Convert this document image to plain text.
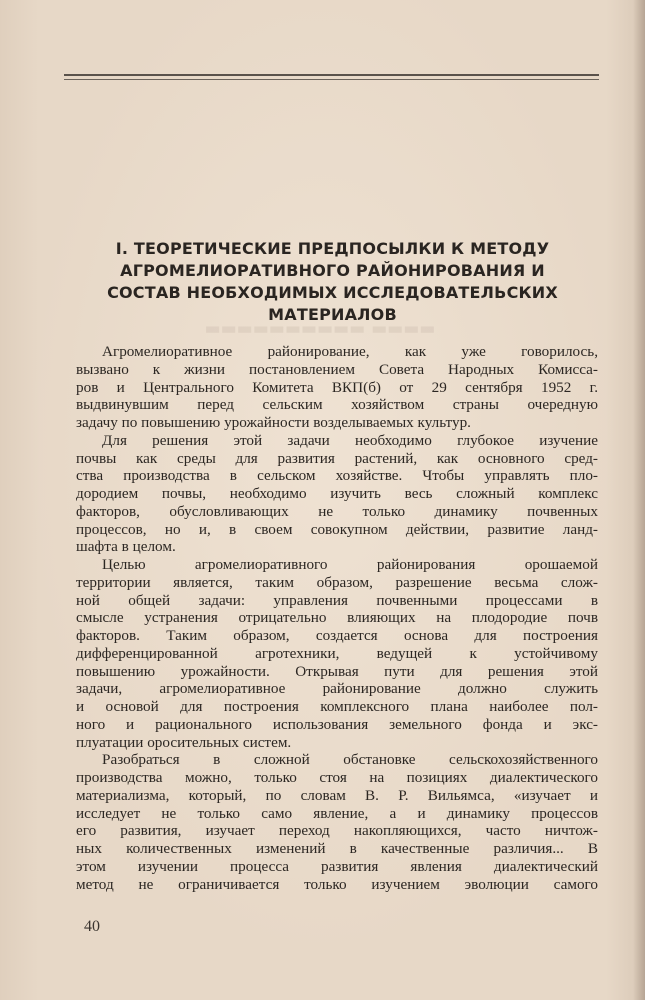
▬▬▬▬ ▬▬▬▬▬▬▬▬▬▬
I. ТЕОРЕТИЧЕСКИЕ ПРЕДПОСЫЛКИ К МЕТОДУ
АГРОМЕЛИОРАТИВНОГО РАЙОНИРОВАНИЯ И
СОСТАВ НЕОБХОДИМЫХ ИССЛЕДОВАТЕЛЬСКИХ
МАТЕРИАЛОВ
Агромелиоративное районирование, как уже говорилось,
вызвано к жизни постановлением Совета Народных Комисса-
ров и Центрального Комитета ВКП(б) от 29 сентября 1952 г.
выдвинувшим перед сельским хозяйством страны очередную
задачу по повышению урожайности возделываемых культур.
Для решения этой задачи необходимо глубокое изучение
почвы как среды для развития растений, как основного сред-
ства производства в сельском хозяйстве. Чтобы управлять пло-
дородием почвы, необходимо изучить весь сложный комплекс
факторов, обусловливающих не только динамику почвенных
процессов, но и, в своем совокупном действии, развитие ланд-
шафта в целом.
Целью агромелиоративного районирования орошаемой
территории является, таким образом, разрешение весьма слож-
ной общей задачи: управления почвенными процессами в
смысле устранения отрицательно влияющих на плодородие почв
факторов. Таким образом, создается основа для построения
дифференцированной агротехники, ведущей к устойчивому
повышению урожайности. Открывая пути для решения этой
задачи, агромелиоративное районирование должно служить
и основой для построения комплексного плана наиболее пол-
ного и рационального использования земельного фонда и экс-
плуатации оросительных систем.
Разобраться в сложной обстановке сельскохозяйственного
производства можно, только стоя на позициях диалектического
материализма, который, по словам В. Р. Вильямса, «изучает и
исследует не только само явление, а и динамику процессов
его развития, изучает переход накопляющихся, часто ничтож-
ных количественных изменений в качественные различия... В
этом изучении процесса развития явления диалектический
метод не ограничивается только изучением эволюции самого
40
